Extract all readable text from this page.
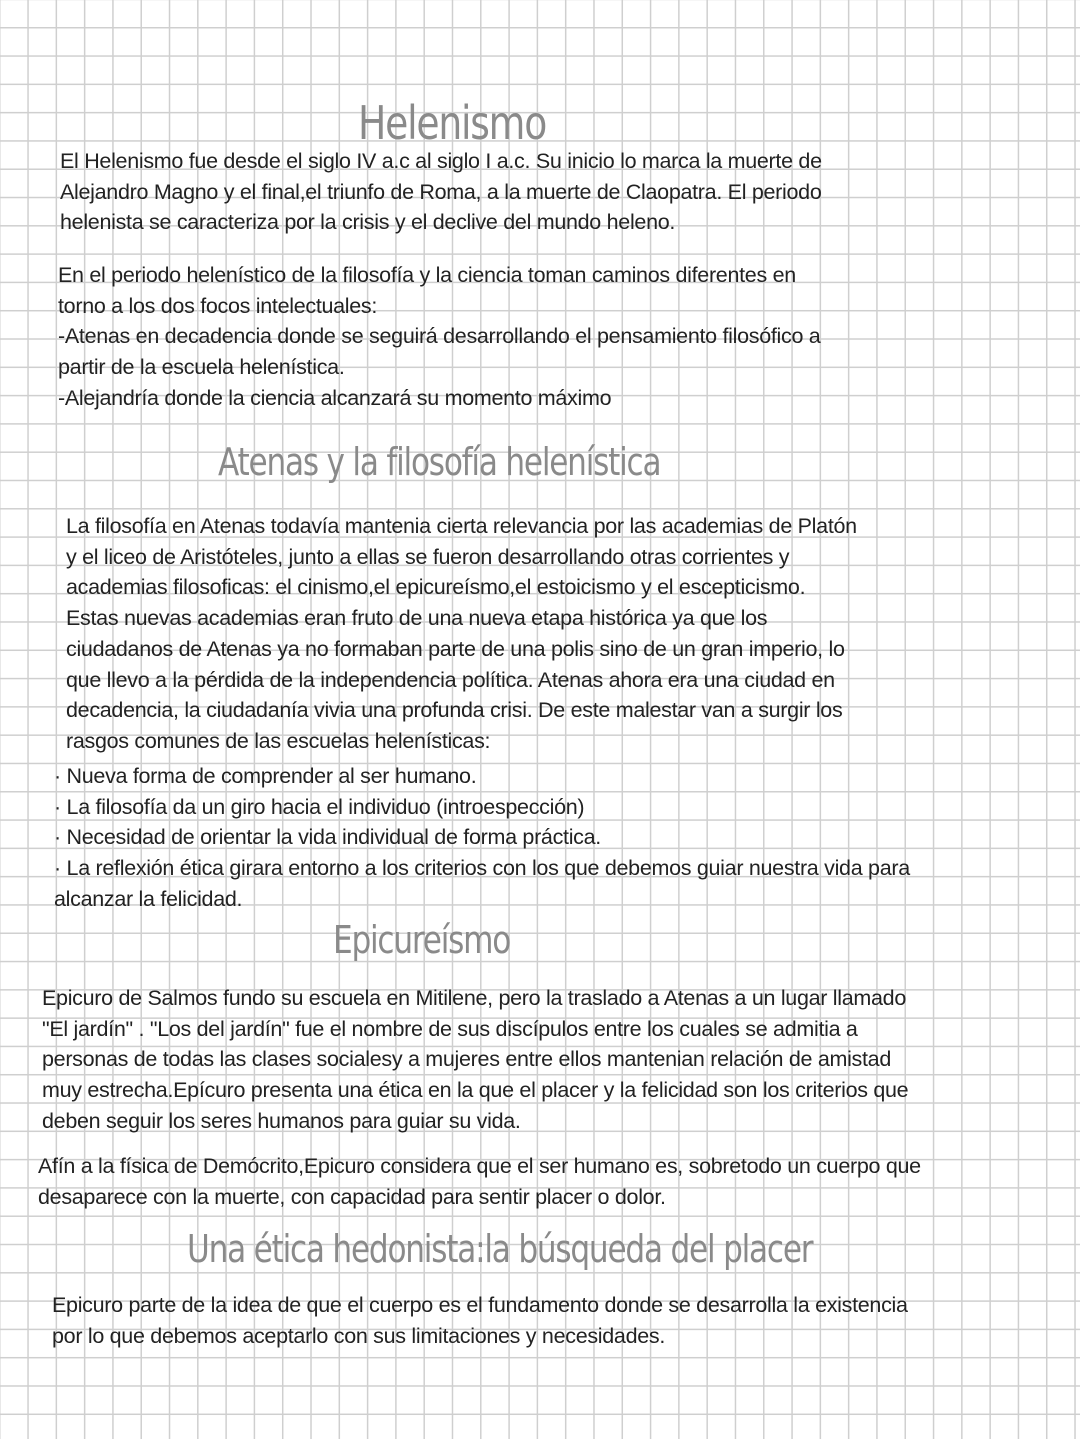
Helenismo
El Helenismo fue desde el siglo IV a.c al siglo I a.c. Su inicio lo marca la muerte de
Alejandro Magno y el final,el triunfo de Roma, a la muerte de Claopatra. El periodo
helenista se caracteriza por la crisis y el declive del mundo heleno.
En el periodo helenístico de la filosofía y la ciencia toman caminos diferentes en
torno a los dos focos intelectuales:
-Atenas en decadencia donde se seguirá desarrollando el pensamiento filosófico a
partir de la escuela helenística.
-Alejandría donde la ciencia alcanzará su momento máximo
Atenas y la filosofía helenística
La filosofía en Atenas todavía mantenia cierta relevancia por las academias de Platón
y el liceo de Aristóteles, junto a ellas se fueron desarrollando otras corrientes y
academias filosoficas: el cinismo,el epicureísmo,el estoicismo y el escepticismo.
Estas nuevas academias eran fruto de una nueva etapa histórica ya que los
ciudadanos de Atenas ya no formaban parte de una polis sino de un gran imperio, lo
que llevo a la pérdida de la independencia política. Atenas ahora era una ciudad en
decadencia, la ciudadanía vivia una profunda crisi. De este malestar van a surgir los
rasgos comunes de las escuelas helenísticas:
· Nueva forma de comprender al ser humano.
· La filosofía da un giro hacia el individuo (introespección)
· Necesidad de orientar la vida individual de forma práctica.
· La reflexión ética girara entorno a los criterios con los que debemos guiar nuestra vida para
alcanzar la felicidad.
Epicureísmo
Epicuro de Salmos fundo su escuela en Mitilene, pero la traslado a Atenas a un lugar llamado
"El jardín" . "Los del jardín" fue el nombre de sus discípulos entre los cuales se admitia a
personas de todas las clases socialesy a mujeres entre ellos mantenian relación de amistad
muy estrecha.Epícuro presenta una ética en la que el placer y la felicidad son los criterios que
deben seguir los seres humanos para guiar su vida.
Afín a la física de Demócrito,Epicuro considera que el ser humano es, sobretodo un cuerpo que
desaparece con la muerte, con capacidad para sentir placer o dolor.
Una ética hedonista:la búsqueda del placer
Epicuro parte de la idea de que el cuerpo es el fundamento donde se desarrolla la existencia
por lo que debemos aceptarlo con sus limitaciones y necesidades.
